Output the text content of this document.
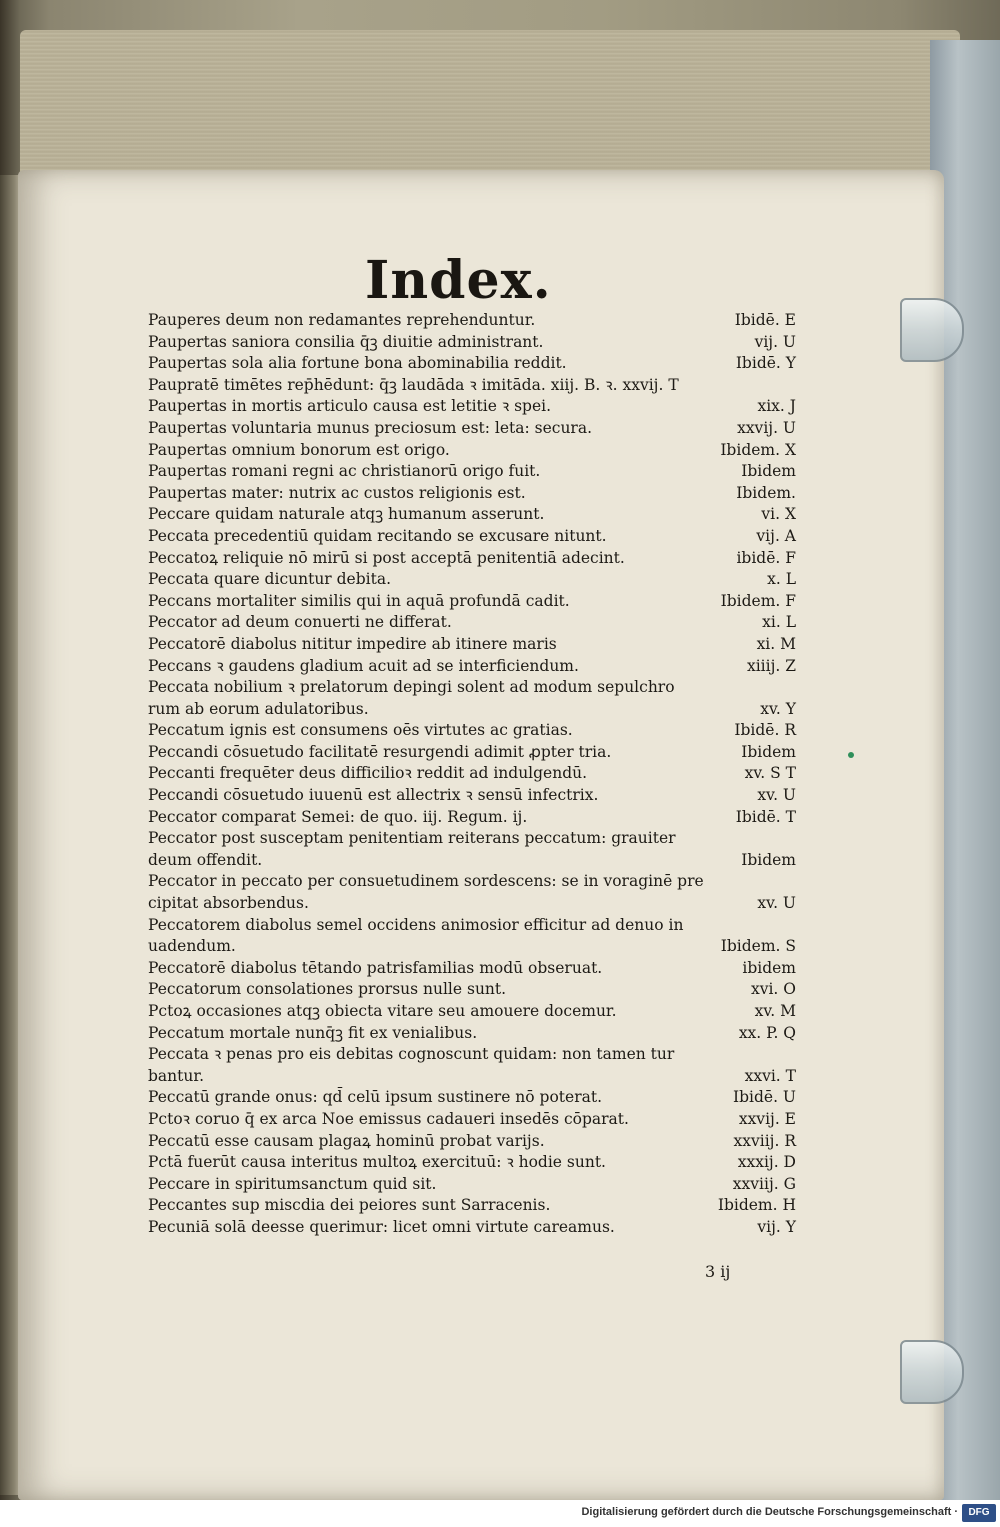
Index.
Pauperes deum non redamantes reprehenduntur.	Ibidē. E
Paupertas saniora consilia q̄ꝫ diuitie administrant.	vij. U
Paupertas sola alia fortune bona abominabilia reddit.	Ibidē. Y
Paupratē timētes rep̄hēdunt: q̄ꝫ laudāda ꝛ imitāda. xiij. B. ꝛ. xxvij. T
Paupertas in mortis articulo causa est letitie ꝛ spei.	xix. J
Paupertas voluntaria munus preciosum est: leta: secura.	xxvij. U
Paupertas omnium bonorum est origo.	Ibidem. X
Paupertas romani regni ac christianorū origo fuit.	Ibidem
Paupertas mater: nutrix ac custos religionis est.	Ibidem.
Peccare quidam naturale atqꝫ humanum asserunt.	vi. X
Peccata precedentiū quidam recitando se excusare nitunt.	vij. A
Peccatoꝝ reliquie nō mirū si post acceptā penitentiā adecint.	ibidē. F
Peccata quare dicuntur debita.	x. L
Peccans mortaliter similis qui in aquā profundā cadit.	Ibidem. F
Peccator ad deum conuerti ne differat.	xi. L
Peccatorē diabolus nititur impedire ab itinere maris	xi. M
Peccans ꝛ gaudens gladium acuit ad se interficiendum.	xiiij. Z
Peccata nobilium ꝛ prelatorum depingi solent ad modum sepulchro
rum ab eorum adulatoribus.	xv. Y
Peccatum ignis est consumens oēs virtutes ac gratias.	Ibidē. R
Peccandi cōsuetudo facilitatē resurgendi adimit ꝓpter tria.	Ibidem
Peccanti frequēter deus difficilioꝛ reddit ad indulgendū.	xv. S T
Peccandi cōsuetudo iuuenū est allectrix ꝛ sensū infectrix.	xv. U
Peccator comparat Semei: de quo. iij. Regum. ij.	Ibidē. T
Peccator post susceptam penitentiam reiterans peccatum: grauiter
deum offendit.	Ibidem
Peccator in peccato per consuetudinem sordescens: se in voraginē pre
cipitat absorbendus.	xv. U
Peccatorem diabolus semel occidens animosior efficitur ad denuo in
uadendum.	Ibidem. S
Peccatorē diabolus tētando patrisfamilias modū obseruat.	ibidem
Peccatorum consolationes prorsus nulle sunt.	xvi. O
Pctoꝝ occasiones atqꝫ obiecta vitare seu amouere docemur.	xv. M
Peccatum mortale nunq̄ꝫ fit ex venialibus.	xx. P. Q
Peccata ꝛ penas pro eis debitas cognoscunt quidam: non tamen tur
bantur.	xxvi. T
Peccatū grande onus: qd̄ celū ipsum sustinere nō poterat.	Ibidē. U
Pctoꝛ coruo q̄ ex arca Noe emissus cadaueri insedēs cōparat.	xxvij. E
Peccatū esse causam plagaꝝ hominū probat varijs.	xxviij. R
Pctā fuerūt causa interitus multoꝝ exercituū: ꝛ hodie sunt.	xxxij. D
Peccare in spiritumsanctum quid sit.	xxviij. G
Peccantes sup miscdia dei peiores sunt Sarracenis.	Ibidem. H
Pecuniā solā deesse querimur: licet omni virtute careamus.	vij. Y
3 ij
Digitalisierung gefördert durch die Deutsche Forschungsgemeinschaft ·	DFG
